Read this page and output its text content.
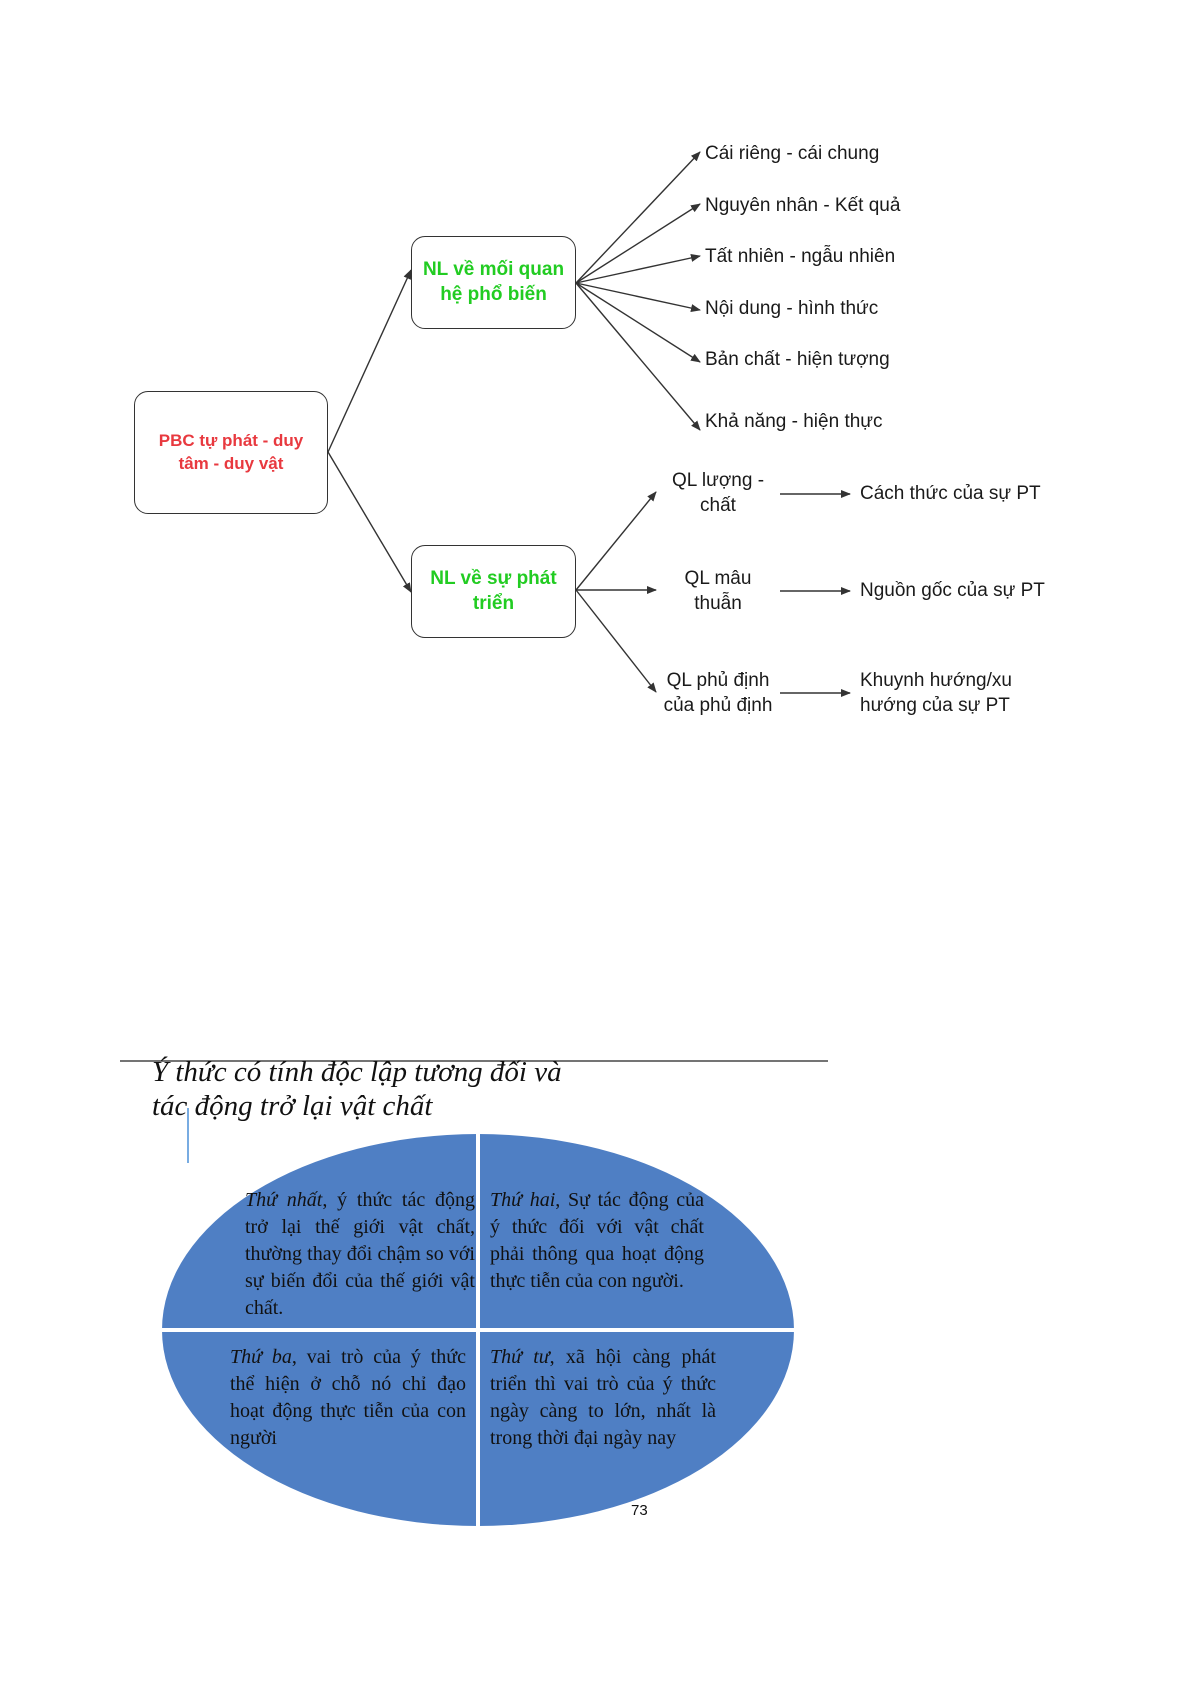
PBC tự phát - duy tâm - duy vật
NL về mối quan hệ phổ biến
NL về sự phát triển
Cái riêng - cái chung
Nguyên nhân - Kết quả
Tất nhiên - ngẫu nhiên
Nội dung - hình thức
Bản chất - hiện tượng
Khả năng - hiện thực
QL lượng - chất
QL mâu thuẫn
QL phủ định của phủ định
Cách thức của sự PT
Nguồn gốc của sự PT
Khuynh hướng/xu hướng của sự PT
Ý thức có tính độc lập tương đối và tác động trở lại vật chất

Thứ nhất, ý thức tác động trở lại thế giới vật chất, thường thay đổi chậm so với sự biến đổi của thế giới vật chất.

Thứ hai, Sự tác động của ý thức đối với vật chất phải thông qua hoạt động thực tiễn của con người.

Thứ ba, vai trò của ý thức thể hiện ở chỗ nó chỉ đạo hoạt động thực tiễn của con người

Thứ tư, xã hội càng phát triển thì vai trò của ý thức ngày càng to lớn, nhất là trong thời đại ngày nay

73
